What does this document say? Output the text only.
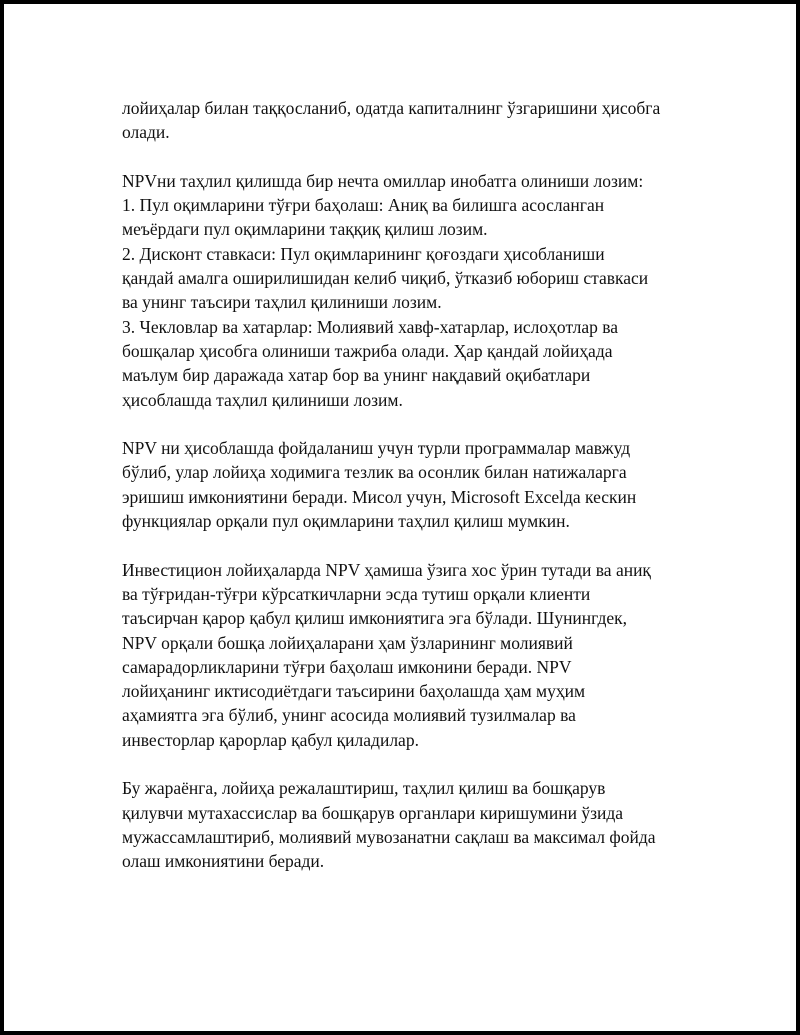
лойиҳалар билан таққосланиб, одатда капиталнинг ўзгаришини ҳисобга
олади.

NPVни таҳлил қилишда бир нечта омиллар инобатга олиниши лозим:
1. Пул оқимларини тўғри баҳолаш: Аниқ ва билишга асосланган
меъёрдаги пул оқимларини таққиқ қилиш лозим.
2. Дисконт ставкаси: Пул оқимларининг қоғоздаги ҳисобланиши
қандай амалга оширилишидан келиб чиқиб, ўтказиб юбориш ставкаси
ва унинг таъсири таҳлил қилиниши лозим.
3. Чекловлар ва хатарлар: Молиявий хавф-хатарлар, ислоҳотлар ва
бошқалар ҳисобга олиниши тажриба олади. Ҳар қандай лойиҳада
маълум бир даражада хатар бор ва унинг нақдавий оқибатлари
ҳисоблашда таҳлил қилиниши лозим.

NPV ни ҳисоблашда фойдаланиш учун турли программалар мавжуд
бўлиб, улар лойиҳа ходимига тезлик ва осонлик билан натижаларга
эришиш имкониятини беради. Мисол учун, Microsoft Excelда кескин
функциялар орқали пул оқимларини таҳлил қилиш мумкин.

Инвестицион лойиҳаларда NPV ҳамиша ўзига хос ўрин тутади ва аниқ
ва тўғридан-тўғри кўрсаткичларни эсда тутиш орқали клиенти
таъсирчан қарор қабул қилиш имкониятига эга бўлади. Шунингдек,
NPV орқали бошқа лойиҳаларани ҳам ўзларининг молиявий
самарадорликларини тўғри баҳолаш имконини беради. NPV
лойиҳанинг иктисодиётдаги таъсирини баҳолашда ҳам муҳим
аҳамиятга эга бўлиб, унинг асосида молиявий тузилмалар ва
инвесторлар қарорлар қабул қиладилар.

Бу жараёнга, лойиҳа режалаштириш, таҳлил қилиш ва бошқарув
қилувчи мутахассислар ва бошқарув органлари киришумини ўзида
мужассамлаштириб, молиявий мувозанатни сақлаш ва максимал фойда
олаш имкониятини беради.
